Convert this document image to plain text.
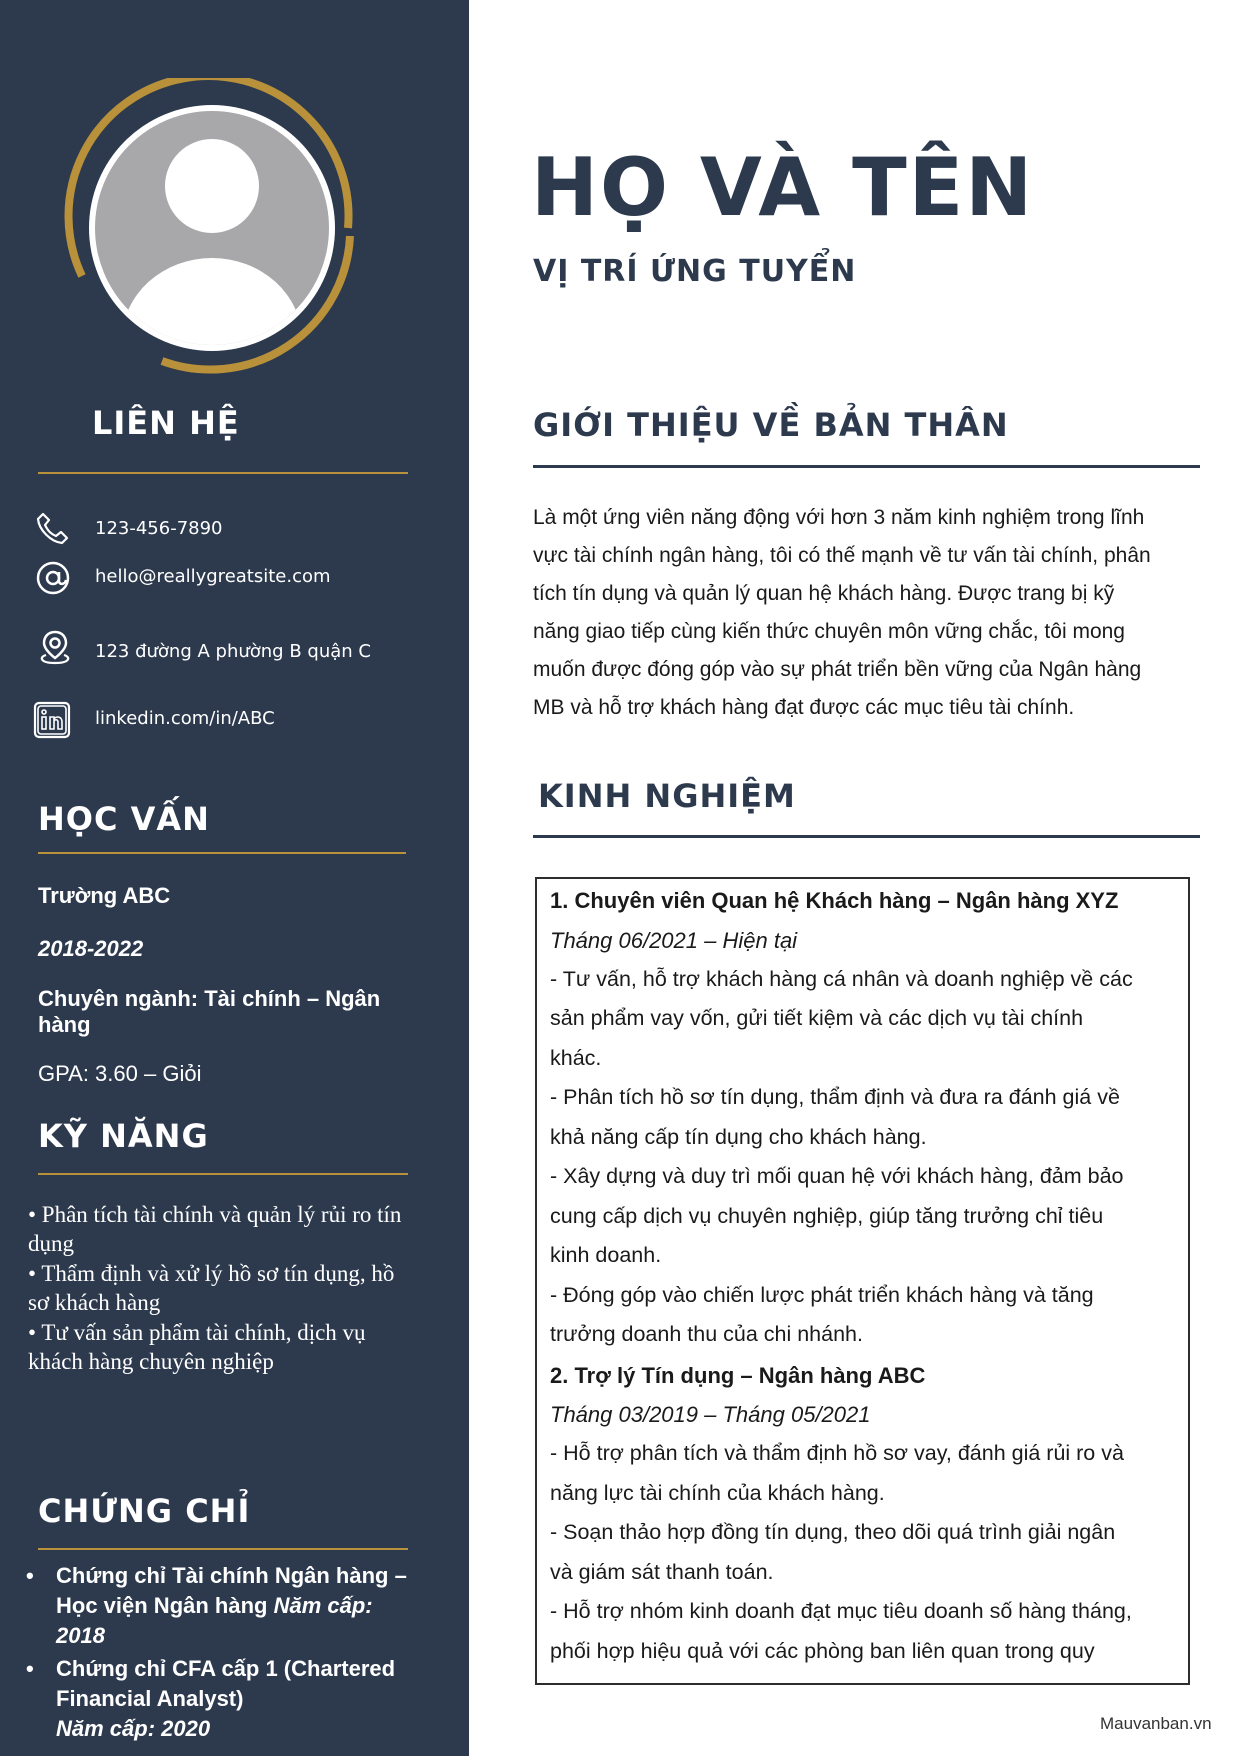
LIÊN HỆ
123-456-7890
hello@reallygreatsite.com
123 đường A phường B quận C
linkedin.com/in/ABC
HỌC VẤN
Trường ABC
2018-2022
Chuyên ngành: Tài chính – Ngân
hàng
GPA: 3.60 – Giỏi
KỸ NĂNG
• Phân tích tài chính và quản lý rủi ro tín
dụng
• Thẩm định và xử lý hồ sơ tín dụng, hồ
sơ khách hàng
• Tư vấn sản phẩm tài chính, dịch vụ
khách hàng chuyên nghiệp
CHỨNG CHỈ
• Chứng chỉ Tài chính Ngân hàng –
Học viện Ngân hàng Năm cấp:
2018
• Chứng chỉ CFA cấp 1 (Chartered
Financial Analyst)
Năm cấp: 2020
HỌ VÀ TÊN
VỊ TRÍ ỨNG TUYỂN
GIỚI THIỆU VỀ BẢN THÂN
Là một ứng viên năng động với hơn 3 năm kinh nghiệm trong lĩnh
vực tài chính ngân hàng, tôi có thế mạnh về tư vấn tài chính, phân
tích tín dụng và quản lý quan hệ khách hàng. Được trang bị kỹ
năng giao tiếp cùng kiến thức chuyên môn vững chắc, tôi mong
muốn được đóng góp vào sự phát triển bền vững của Ngân hàng
MB và hỗ trợ khách hàng đạt được các mục tiêu tài chính.
KINH NGHIỆM
1. Chuyên viên Quan hệ Khách hàng – Ngân hàng XYZ
Tháng 06/2021 – Hiện tại
- Tư vấn, hỗ trợ khách hàng cá nhân và doanh nghiệp về các
sản phẩm vay vốn, gửi tiết kiệm và các dịch vụ tài chính
khác.
- Phân tích hồ sơ tín dụng, thẩm định và đưa ra đánh giá về
khả năng cấp tín dụng cho khách hàng.
- Xây dựng và duy trì mối quan hệ với khách hàng, đảm bảo
cung cấp dịch vụ chuyên nghiệp, giúp tăng trưởng chỉ tiêu
kinh doanh.
- Đóng góp vào chiến lược phát triển khách hàng và tăng
trưởng doanh thu của chi nhánh.
2. Trợ lý Tín dụng – Ngân hàng ABC
Tháng 03/2019 – Tháng 05/2021
- Hỗ trợ phân tích và thẩm định hồ sơ vay, đánh giá rủi ro và
năng lực tài chính của khách hàng.
- Soạn thảo hợp đồng tín dụng, theo dõi quá trình giải ngân
và giám sát thanh toán.
- Hỗ trợ nhóm kinh doanh đạt mục tiêu doanh số hàng tháng,
phối hợp hiệu quả với các phòng ban liên quan trong quy
Mauvanban.vn
